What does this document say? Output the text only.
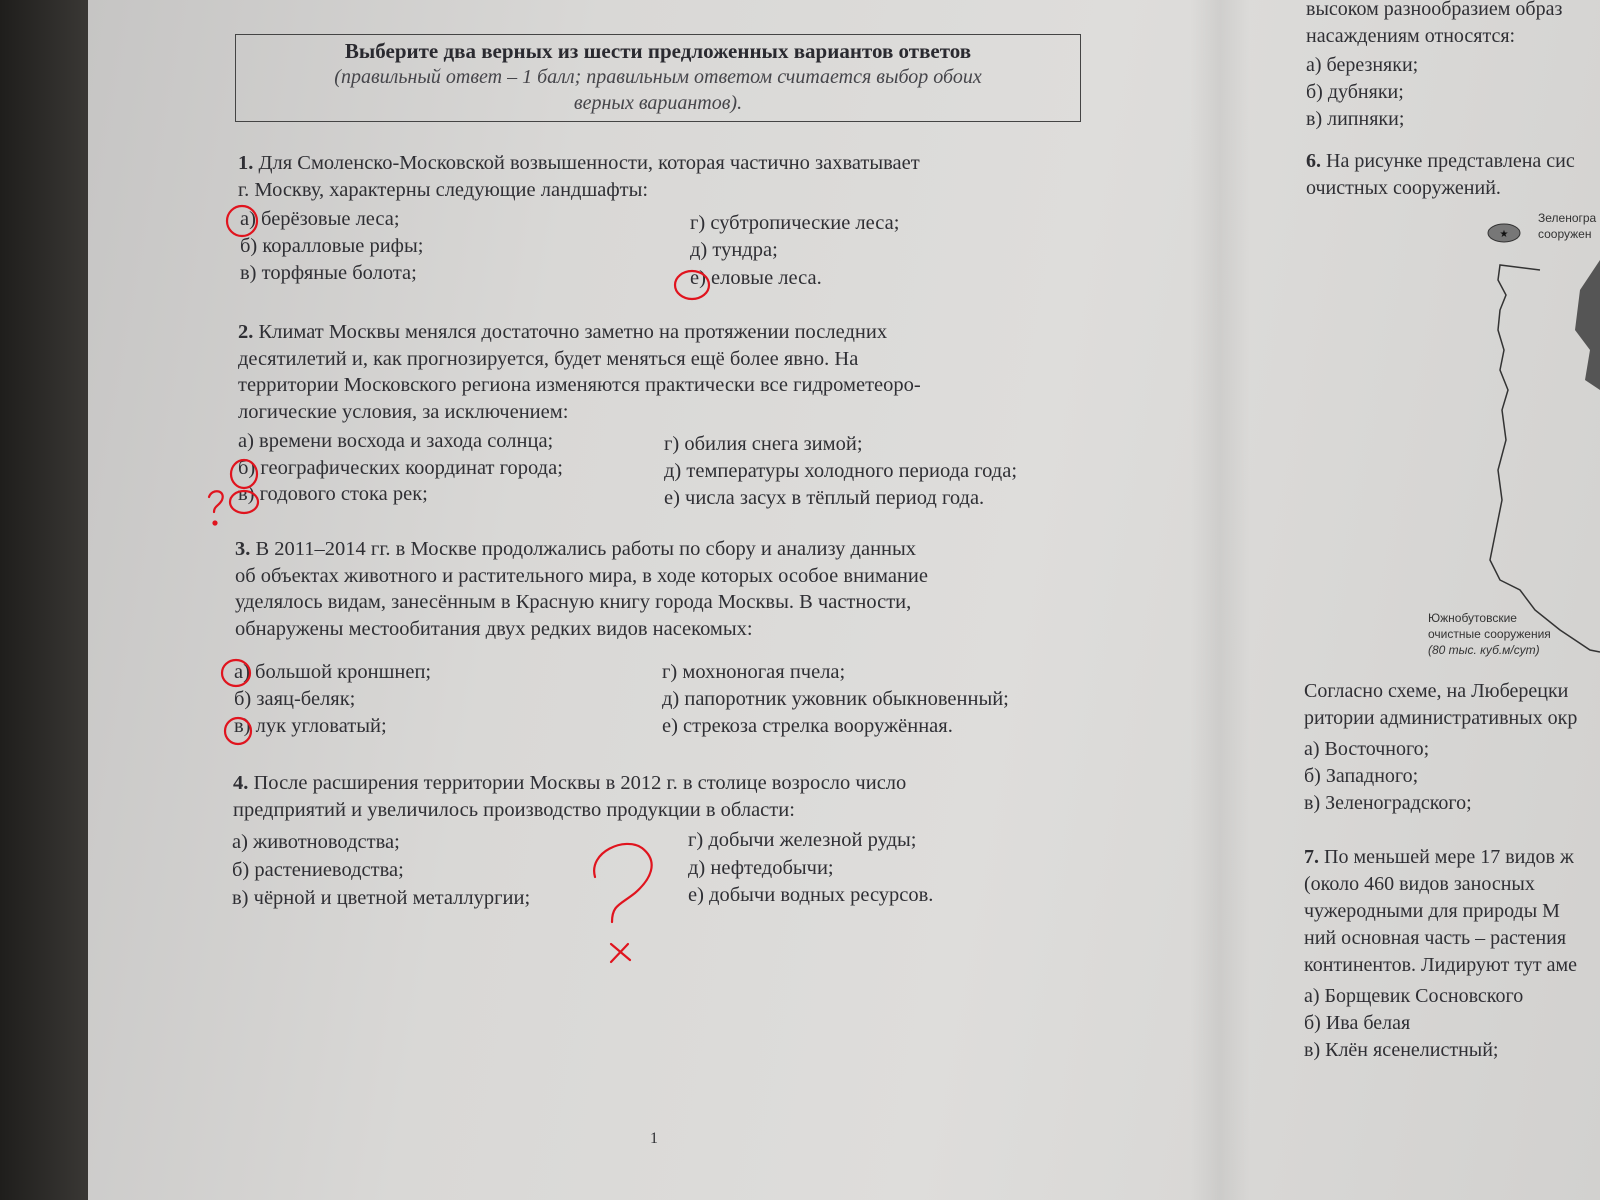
Выберите два верных из шести предложенных вариантов ответов
(правильный ответ – 1 балл; правильным ответом считается выбор обоих
верных вариантов).
1. Для Смоленско-Московской возвышенности, которая частично захватывает
г. Москву, характерны следующие ландшафты:
а) берёзовые леса;
б) коралловые рифы;
в) торфяные болота;
г) субтропические леса;
д) тундра;
е) еловые леса.
2. Климат Москвы менялся достаточно заметно на протяжении последних
десятилетий и, как прогнозируется, будет меняться ещё более явно. На
территории Московского региона изменяются практически все гидрометеоро-
логические условия, за исключением:
а) времени восхода и захода солнца;
б) географических координат города;
в) годового стока рек;
г) обилия снега зимой;
д) температуры холодного периода года;
е) числа засух в тёплый период года.
3. В 2011–2014 гг. в Москве продолжались работы по сбору и анализу данных
об объектах животного и растительного мира, в ходе которых особое внимание
уделялось видам, занесённым в Красную книгу города Москвы. В частности,
обнаружены местообитания двух редких видов насекомых:
а) большой кроншнеп;
б) заяц-беляк;
в) лук угловатый;
г) мохноногая пчела;
д) папоротник ужовник обыкновенный;
е) стрекоза стрелка вооружённая.
4. После расширения территории Москвы в 2012 г. в столице возросло число
предприятий и увеличилось производство продукции в области:
а) животноводства;
б) растениеводства;
в) чёрной и цветной металлургии;
г) добычи железной руды;
д) нефтедобычи;
е) добычи водных ресурсов.
1
высоком разнообразием образ
насаждениям относятся:
а) березняки;
б) дубняки;
в) липняки;
6. На рисунке представлена сис
очистных сооружений.
★
Зеленогра
сооружен
Южнобутовские
очистные сооружения
(80 тыс. куб.м/сут)
Согласно схеме, на Люберецки
ритории административных окр
а) Восточного;
б) Западного;
в) Зеленоградского;
7. По меньшей мере 17 видов ж
(около 460 видов заносных
чужеродными для природы М
ний основная часть – растения
континентов. Лидируют тут аме
а) Борщевик Сосновского
б) Ива белая
в) Клён ясенелистный;
